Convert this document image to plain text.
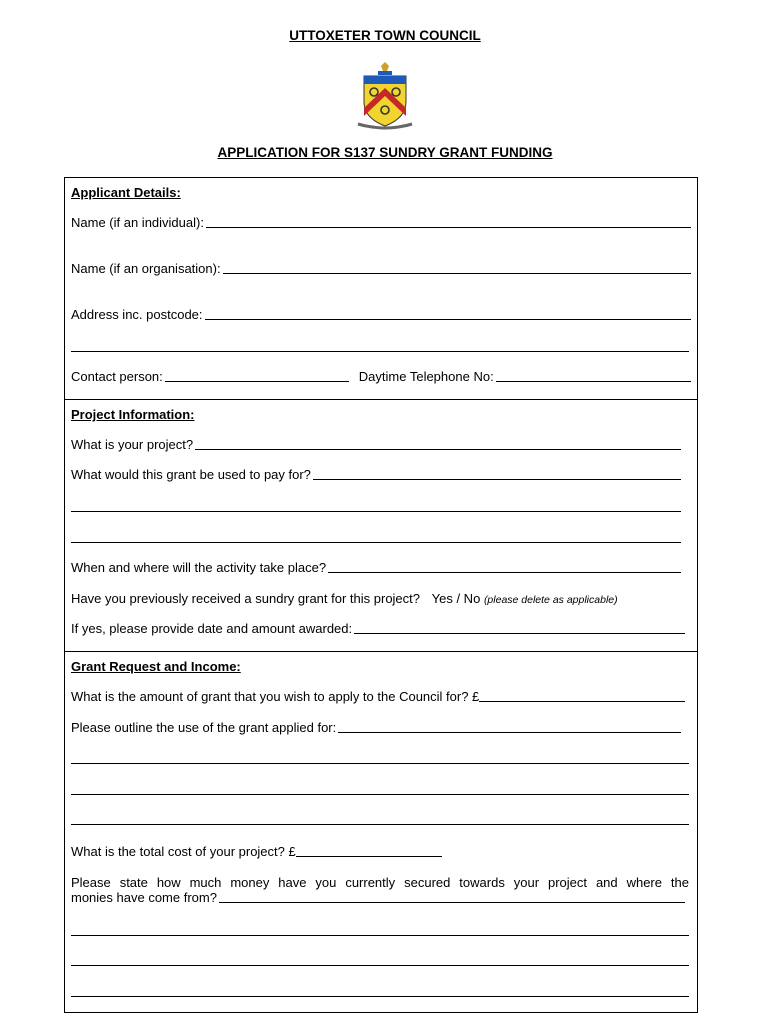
UTTOXETER TOWN COUNCIL
APPLICATION FOR S137 SUNDRY GRANT FUNDING
Applicant Details:
Name (if an individual):
Name (if an organisation):
Address inc. postcode:
Contact person:	Daytime Telephone No:
Project Information:
What is your project?
What would this grant be used to pay for?
When and where will the activity take place?
Have you previously received a sundry grant for this project? Yes / No (please delete as applicable)
If yes, please provide date and amount awarded:
Grant Request and Income:
What is the amount of grant that you wish to apply to the Council for? £
Please outline the use of the grant applied for:
What is the total cost of your project? £
Please state how much money have you currently secured towards your project and where the
monies have come from?
